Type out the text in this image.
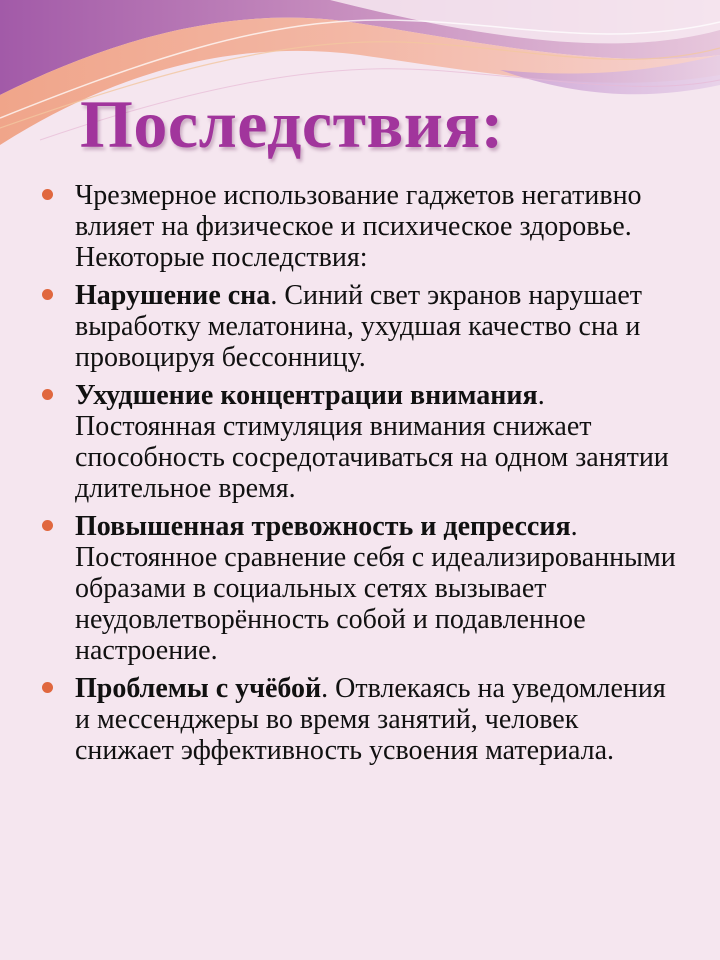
Последствия:
Чрезмерное использование гаджетов негативно влияет на физическое и психическое здоровье. Некоторые последствия:
Нарушение сна. Синий свет экранов нарушает выработку мелатонина, ухудшая качество сна и провоцируя бессонницу.
Ухудшение концентрации внимания. Постоянная стимуляция внимания снижает способность сосредотачиваться на одном занятии длительное время.
Повышенная тревожность и депрессия. Постоянное сравнение себя с идеализированными образами в социальных сетях вызывает неудовлетворённость собой и подавленное настроение.
Проблемы с учёбой. Отвлекаясь на уведомления и мессенджеры во время занятий, человек снижает эффективность усвоения материала.
